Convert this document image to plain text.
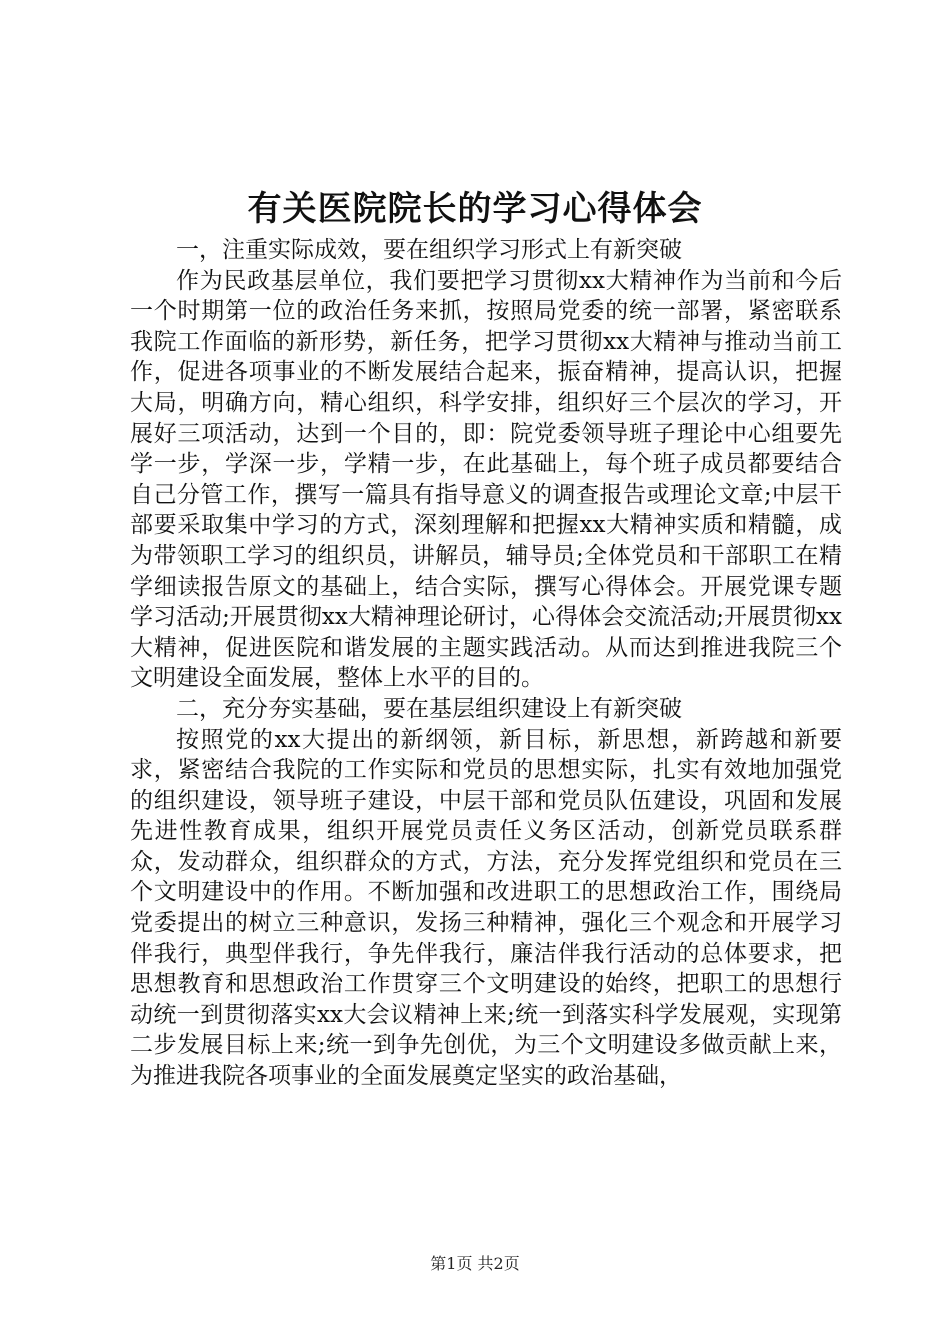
有关医院院长的学习心得体会

一，注重实际成效，要在组织学习形式上有新突破

作为民政基层单位，我们要把学习贯彻xx大精神作为当前和今后一个时期第一位的政治任务来抓，按照局党委的统一部署，紧密联系我院工作面临的新形势，新任务，把学习贯彻xx大精神与推动当前工作，促进各项事业的不断发展结合起来，振奋精神，提高认识，把握大局，明确方向，精心组织，科学安排，组织好三个层次的学习，开展好三项活动，达到一个目的，即：院党委领导班子理论中心组要先学一步，学深一步，学精一步，在此基础上，每个班子成员都要结合自己分管工作，撰写一篇具有指导意义的调查报告或理论文章;中层干部要采取集中学习的方式，深刻理解和把握xx大精神实质和精髓，成为带领职工学习的组织员，讲解员，辅导员;全体党员和干部职工在精学细读报告原文的基础上，结合实际，撰写心得体会。开展党课专题学习活动;开展贯彻xx大精神理论研讨，心得体会交流活动;开展贯彻xx大精神，促进医院和谐发展的主题实践活动。从而达到推进我院三个文明建设全面发展，整体上水平的目的。

二，充分夯实基础，要在基层组织建设上有新突破

按照党的xx大提出的新纲领，新目标，新思想，新跨越和新要求，紧密结合我院的工作实际和党员的思想实际，扎实有效地加强党的组织建设，领导班子建设，中层干部和党员队伍建设，巩固和发展先进性教育成果，组织开展党员责任义务区活动，创新党员联系群众，发动群众，组织群众的方式，方法，充分发挥党组织和党员在三个文明建设中的作用。不断加强和改进职工的思想政治工作，围绕局党委提出的树立三种意识，发扬三种精神，强化三个观念和开展学习伴我行，典型伴我行，争先伴我行，廉洁伴我行活动的总体要求，把思想教育和思想政治工作贯穿三个文明建设的始终，把职工的思想行动统一到贯彻落实xx大会议精神上来;统一到落实科学发展观，实现第二步发展目标上来;统一到争先创优，为三个文明建设多做贡献上来，为推进我院各项事业的全面发展奠定坚实的政治基础，

第1页 共2页
